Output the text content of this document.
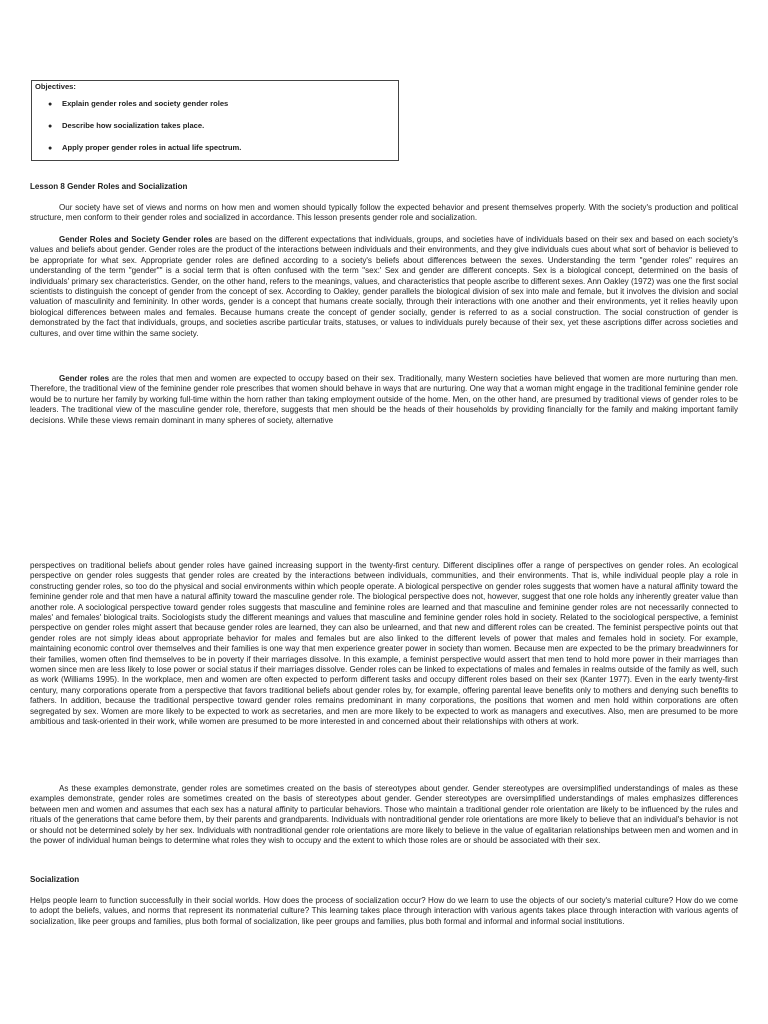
Objectives:
● Explain gender roles and society gender roles
● Describe how socialization takes place.
● Apply proper gender roles in actual life spectrum.

Lesson 8 Gender Roles and Socialization

Our society have set of views and norms on how men and women should typically follow the expected behavior and present themselves properly. With the society's production and political structure, men conform to their gender roles and socialized in accordance. This lesson presents gender role and socialization.

Gender Roles and Society Gender roles are based on the different expectations that individuals, groups, and societies have of individuals based on their sex and based on each society's values and beliefs about gender. Gender roles are the product of the interactions between individuals and their environments, and they give individuals cues about what sort of behavior is believed to be appropriate for what sex. Appropriate gender roles are defined according to a society's beliefs about differences between the sexes. Understanding the term "gender roles" requires an understanding of the term "gender"" is a social term that is often confused with the term "sex:' Sex and gender are different concepts. Sex is a biological concept, determined on the basis of individuals' primary sex characteristics. Gender, on the other hand, refers to the meanings, values, and characteristics that people ascribe to different sexes. Ann Oakley (1972) was one the first social scientists to distinguish the concept of gender from the concept of sex. According to Oakley, gender parallels the biological division of sex into male and female, but it involves the division and social valuation of masculinity and femininity. In other words, gender is a concept that humans create socially, through their interactions with one another and their environments, yet it relies heavily upon biological differences between males and females. Because humans create the concept of gender socially, gender is referred to as a social construction. The social construction of gender is demonstrated by the fact that individuals, groups, and societies ascribe particular traits, statuses, or values to individuals purely because of their sex, yet these ascriptions differ across societies and cultures, and over time within the same society.

Gender roles are the roles that men and women are expected to occupy based on their sex. Traditionally, many Western societies have believed that women are more nurturing than men. Therefore, the traditional view of the feminine gender role prescribes that women should behave in ways that are nurturing. One way that a woman might engage in the traditional feminine gender role would be to nurture her family by working full-time within the horn rather than taking employment outside of the home. Men, on the other hand, are presumed by traditional views of gender roles to be leaders. The traditional view of the masculine gender role, therefore, suggests that men should be the heads of their households by providing financially for the family and making important family decisions. While these views remain dominant in many spheres of society, alternative

perspectives on traditional beliefs about gender roles have gained increasing support in the twenty-first century. Different disciplines offer a range of perspectives on gender roles. An ecological perspective on gender roles suggests that gender roles are created by the interactions between individuals, communities, and their environments. That is, while individual people play a role in constructing gender roles, so too do the physical and social environments within which people operate. A biological perspective on gender roles suggests that women have a natural affinity toward the feminine gender role and that men have a natural affinity toward the masculine gender role. The biological perspective does not, however, suggest that one role holds any inherently greater value than another role. A sociological perspective toward gender roles suggests that masculine and feminine roles are learned and that masculine and feminine gender roles are not necessarily connected to males' and females' biological traits. Sociologists study the different meanings and values that masculine and feminine gender roles hold in society. Related to the sociological perspective, a feminist perspective on gender roles might assert that because gender roles are learned, they can also be unlearned, and that new and different roles can be created. The feminist perspective points out that gender roles are not simply ideas about appropriate behavior for males and females but are also linked to the different levels of power that males and females hold in society. For example, maintaining economic control over themselves and their families is one way that men experience greater power in society than women. Because men are expected to be the primary breadwinners for their families, women often find themselves to be in poverty if their marriages dissolve. In this example, a feminist perspective would assert that men tend to hold more power in their marriages than women since men are less likely to lose power or social status if their marriages dissolve. Gender roles can be linked to expectations of males and females in realms outside of the family as well, such as work (Williams 1995). In the workplace, men and women are often expected to perform different tasks and occupy different roles based on their sex (Kanter 1977). Even in the early twenty-first century, many corporations operate from a perspective that favors traditional beliefs about gender roles by, for example, offering parental leave benefits only to mothers and denying such benefits to fathers. In addition, because the traditional perspective toward gender roles remains predominant in many corporations, the positions that women and men hold within corporations are often segregated by sex. Women are more likely to be expected to work as secretaries, and men are more likely to be expected to work as managers and executives. Also, men are presumed to be more ambitious and task-oriented in their work, while women are presumed to be more interested in and concerned about their relationships with others at work.

As these examples demonstrate, gender roles are sometimes created on the basis of stereotypes about gender. Gender stereotypes are oversimplified understandings of males as these examples demonstrate, gender roles are sometimes created on the basis of stereotypes about gender. Gender stereotypes are oversimplified understandings of males emphasizes differences between men and women and assumes that each sex has a natural affinity to particular behaviors. Those who maintain a traditional gender role orientation are likely to be influenced by the rules and rituals of the generations that came before them, by their parents and grandparents. Individuals with nontraditional gender role orientations are more likely to believe that an individual's behavior is not or should not be determined solely by her sex. Individuals with nontraditional gender role orientations are more likely to believe in the value of egalitarian relationships between men and women and in the power of individual human beings to determine what roles they wish to occupy and the extent to which those roles are or should be associated with their sex.

Socialization

Helps people learn to function successfully in their social worlds. How does the process of socialization occur? How do we learn to use the objects of our society's material culture? How do we come to adopt the beliefs, values, and norms that represent its nonmaterial culture? This learning takes place through interaction with various agents takes place through interaction with various agents of socialization, like peer groups and families, plus both formal of socialization, like peer groups and families, plus both formal and informal and informal social institutions.
